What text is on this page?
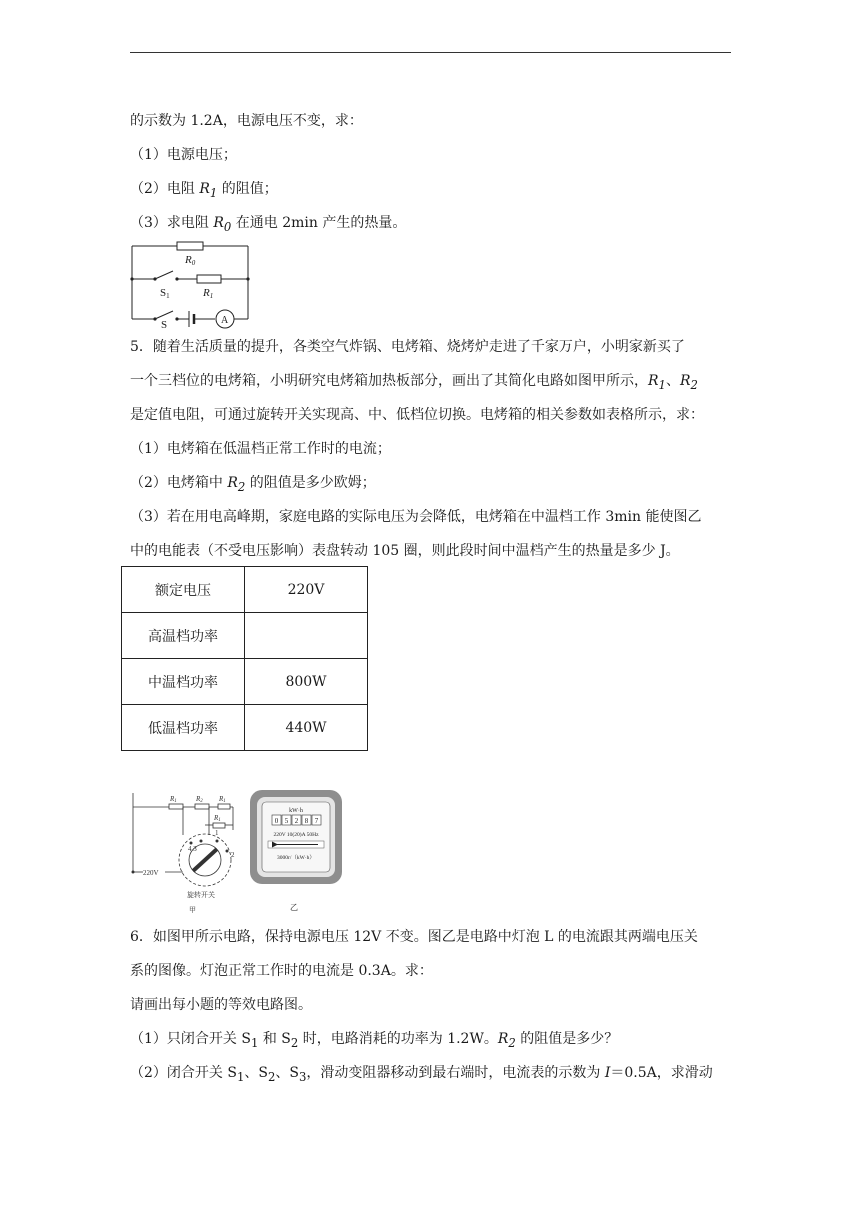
的示数为 1.2A，电源电压不变，求：
（1）电源电压；
（2）电阻 $R_1$ 的阻值；
（3）求电阻 $R_0$ 在通电 2min 产生的热量。
R0
S1	R1
S	A
5．随着生活质量的提升，各类空气炸锅、电烤箱、烧烤炉走进了千家万户，小明家新买了
一个三档位的电烤箱，小明研究电烤箱加热板部分，画出了其简化电路如图甲所示，$R_1$、$R_2$
是定值电阻，可通过旋转开关实现高、中、低档位切换。电烤箱的相关参数如表格所示，求：
（1）电烤箱在低温档正常工作时的电流；
（2）电烤箱中 $R_2$ 的阻值是多少欧姆；
（3）若在用电高峰期，家庭电路的实际电压为会降低，电烤箱在中温档工作 3min 能使图乙
中的电能表（不受电压影响）表盘转动 105 圈，则此段时间中温档产生的热量是多少 J。
额定电压	220V
高温档功率	
中温档功率	800W
低温档功率	440W
R1	R2 R1
R1
4 3
1
2
220V
旋转开关
甲
kW·h
0 5 2 8 7
220V 10(20)A 50Hz
3000r/（kW·h）
乙
6．如图甲所示电路，保持电源电压 12V 不变。图乙是电路中灯泡 L 的电流跟其两端电压关
系的图像。灯泡正常工作时的电流是 0.3A。求：
请画出每小题的等效电路图。
（1）只闭合开关 $S_1$ 和 $S_2$ 时，电路消耗的功率为 1.2W。$R_2$ 的阻值是多少？
（2）闭合开关 $S_1$、$S_2$、$S_3$，滑动变阻器移动到最右端时，电流表的示数为 I＝0.5A，求滑动
